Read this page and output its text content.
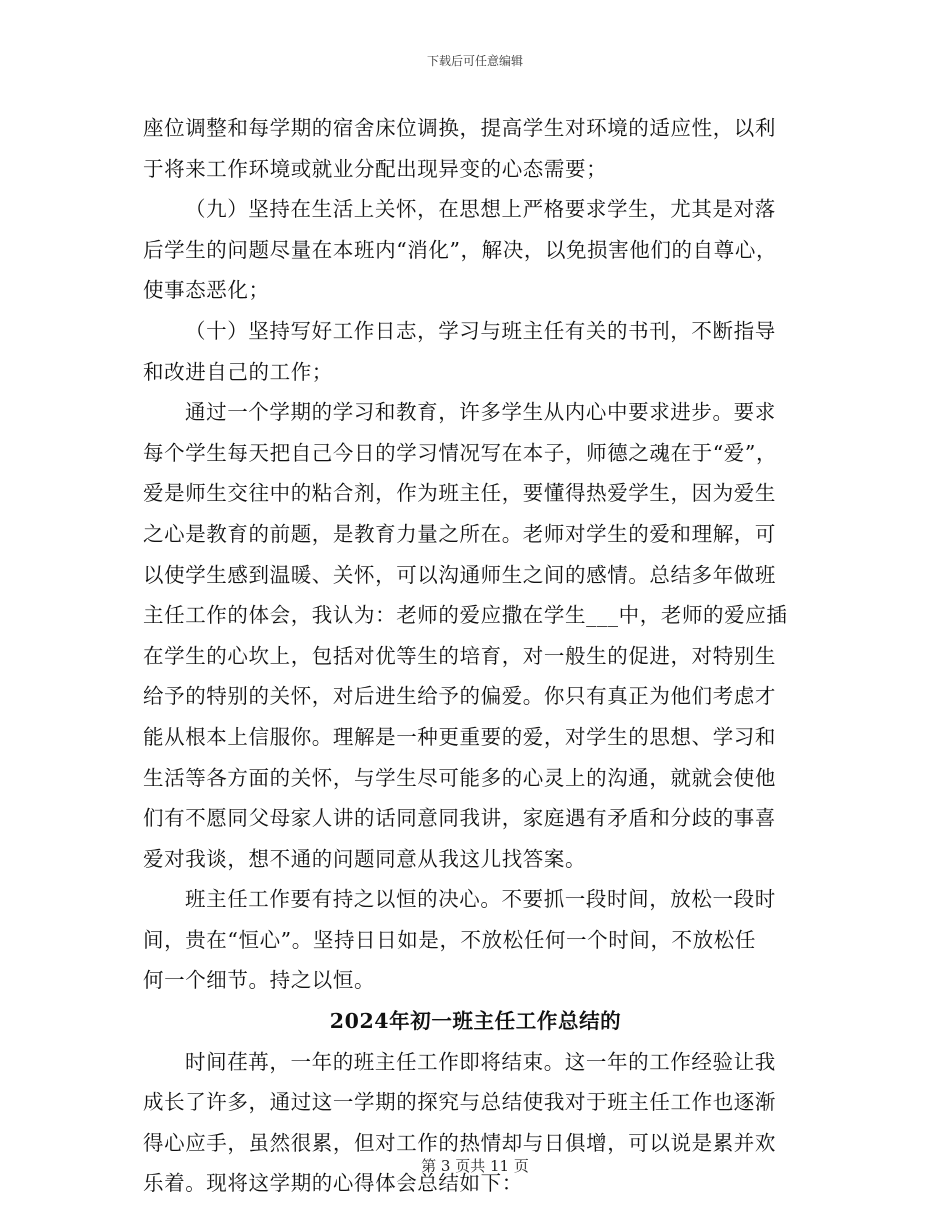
下载后可任意编辑
座位调整和每学期的宿舍床位调换，提高学生对环境的适应性，以利
于将来工作环境或就业分配出现异变的心态需要；
（九）坚持在生活上关怀，在思想上严格要求学生，尤其是对落
后学生的问题尽量在本班内“消化”，解决，以免损害他们的自尊心，
使事态恶化；
（十）坚持写好工作日志，学习与班主任有关的书刊，不断指导
和改进自己的工作；
通过一个学期的学习和教育，许多学生从内心中要求进步。要求
每个学生每天把自己今日的学习情况写在本子，师德之魂在于“爱”，
爱是师生交往中的粘合剂，作为班主任，要懂得热爱学生，因为爱生
之心是教育的前题，是教育力量之所在。老师对学生的爱和理解，可
以使学生感到温暖、关怀，可以沟通师生之间的感情。总结多年做班
主任工作的体会，我认为：老师的爱应撒在学生___中，老师的爱应插
在学生的心坎上，包括对优等生的培育，对一般生的促进，对特别生
给予的特别的关怀，对后进生给予的偏爱。你只有真正为他们考虑才
能从根本上信服你。理解是一种更重要的爱，对学生的思想、学习和
生活等各方面的关怀，与学生尽可能多的心灵上的沟通，就就会使他
们有不愿同父母家人讲的话同意同我讲，家庭遇有矛盾和分歧的事喜
爱对我谈，想不通的问题同意从我这儿找答案。
班主任工作要有持之以恒的决心。不要抓一段时间，放松一段时
间，贵在“恒心”。坚持日日如是，不放松任何一个时间，不放松任
何一个细节。持之以恒。
2024年初一班主任工作总结的
时间荏苒，一年的班主任工作即将结束。这一年的工作经验让我
成长了许多，通过这一学期的探究与总结使我对于班主任工作也逐渐
得心应手，虽然很累，但对工作的热情却与日俱增，可以说是累并欢
乐着。现将这学期的心得体会总结如下：
第 3 页共 11 页
